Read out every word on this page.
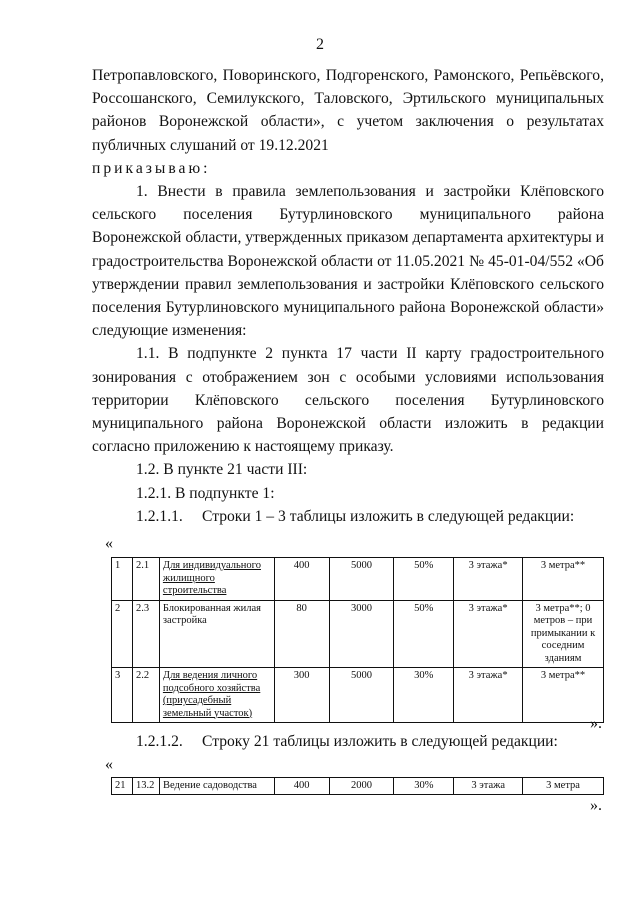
2

Петропавловского, Поворинского, Подгоренского, Рамонского, Репьёвского,

Россошанского, Семилукского, Таловского, Эртильского муниципальных

районов Воронежской области», с учетом заключения о результатах

публичных слушаний от 19.12.2021

приказываю:

1. Внести в правила землепользования и застройки Клёповского сельского поселения Бутурлиновского муниципального района Воронежской области, утвержденных приказом департамента архитектуры и градостроительства Воронежской области от 11.05.2021 № 45-01-04/552 «Об утверждении правил землепользования и застройки Клёповского сельского поселения Бутурлиновского муниципального района Воронежской области» следующие изменения:

1.1. В подпункте 2 пункта 17 части II карту градостроительного зонирования с отображением зон с особыми условиями использования территории Клёповского сельского поселения Бутурлиновского муниципального района Воронежской области изложить в редакции согласно приложению к настоящему приказу.

1.2. В пункте 21 части III:

1.2.1. В подпункте 1:

1.2.1.1.	Строки 1 – 3 таблицы изложить в следующей редакции:
«
1	2.1	Для индивидуального жилищного строительства	400	5000	50%	3 этажа*	3 метра**
2	2.3	Блокированная жилая застройка	80	3000	50%	3 этажа*	3 метра**; 0 метров – при примыкании к соседним зданиям
3	2.2	Для ведения личного подсобного хозяйства (приусадебный земельный участок)	300	5000	30%	3 этажа*	3 метра**
».
1.2.1.2.	Строку 21 таблицы изложить в следующей редакции:
«
21	13.2	Ведение садоводства	400	2000	30%	3 этажа	3 метра
».
